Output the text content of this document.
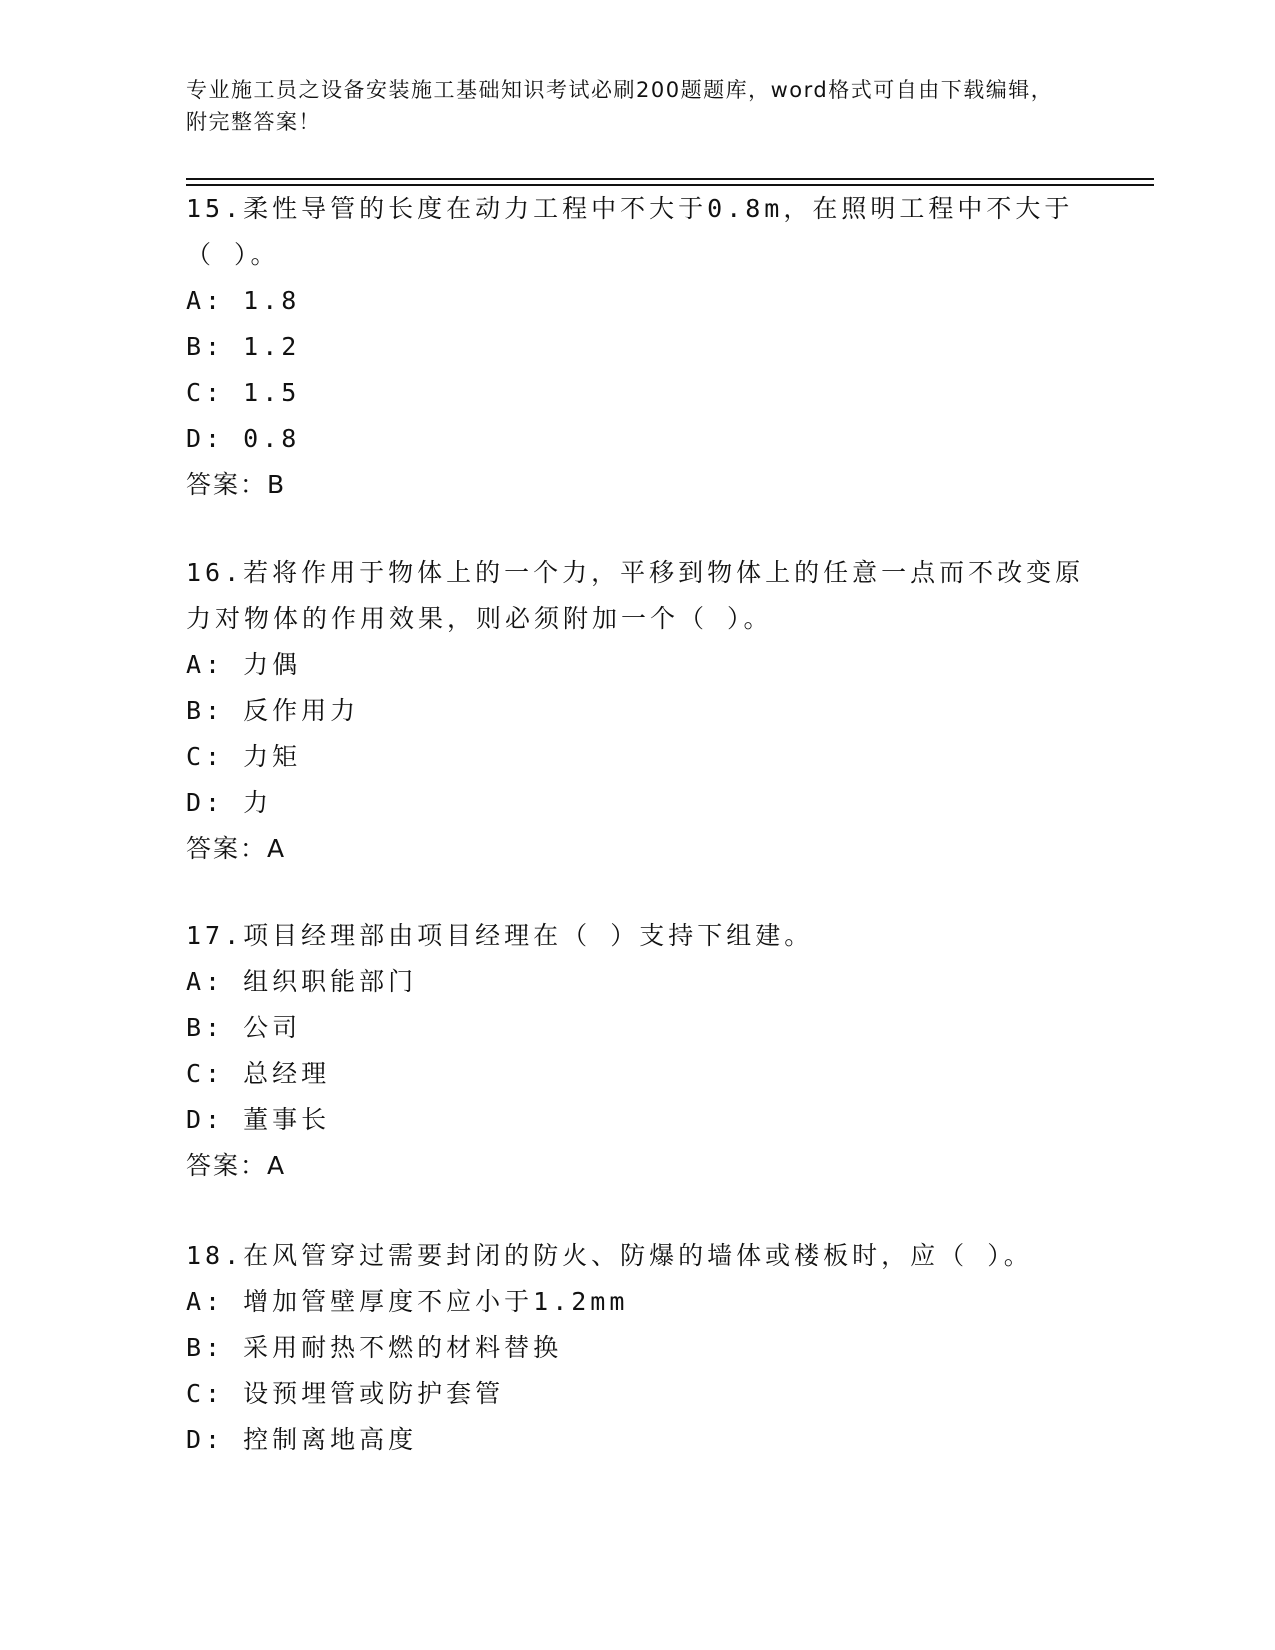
专业施工员之设备安装施工基础知识考试必刷200题题库，word格式可自由下载编辑，附完整答案！
15.柔性导管的长度在动力工程中不大于0.8m，在照明工程中不大于（ ）。
A: 1.8
B: 1.2
C: 1.5
D: 0.8
答案：B
16.若将作用于物体上的一个力，平移到物体上的任意一点而不改变原力对物体的作用效果，则必须附加一个（ ）。
A: 力偶
B: 反作用力
C: 力矩
D: 力
答案：A
17.项目经理部由项目经理在（ ）支持下组建。
A: 组织职能部门
B: 公司
C: 总经理
D: 董事长
答案：A
18.在风管穿过需要封闭的防火、防爆的墙体或楼板时，应（ ）。
A: 增加管壁厚度不应小于1.2mm
B: 采用耐热不燃的材料替换
C: 设预埋管或防护套管
D: 控制离地高度
